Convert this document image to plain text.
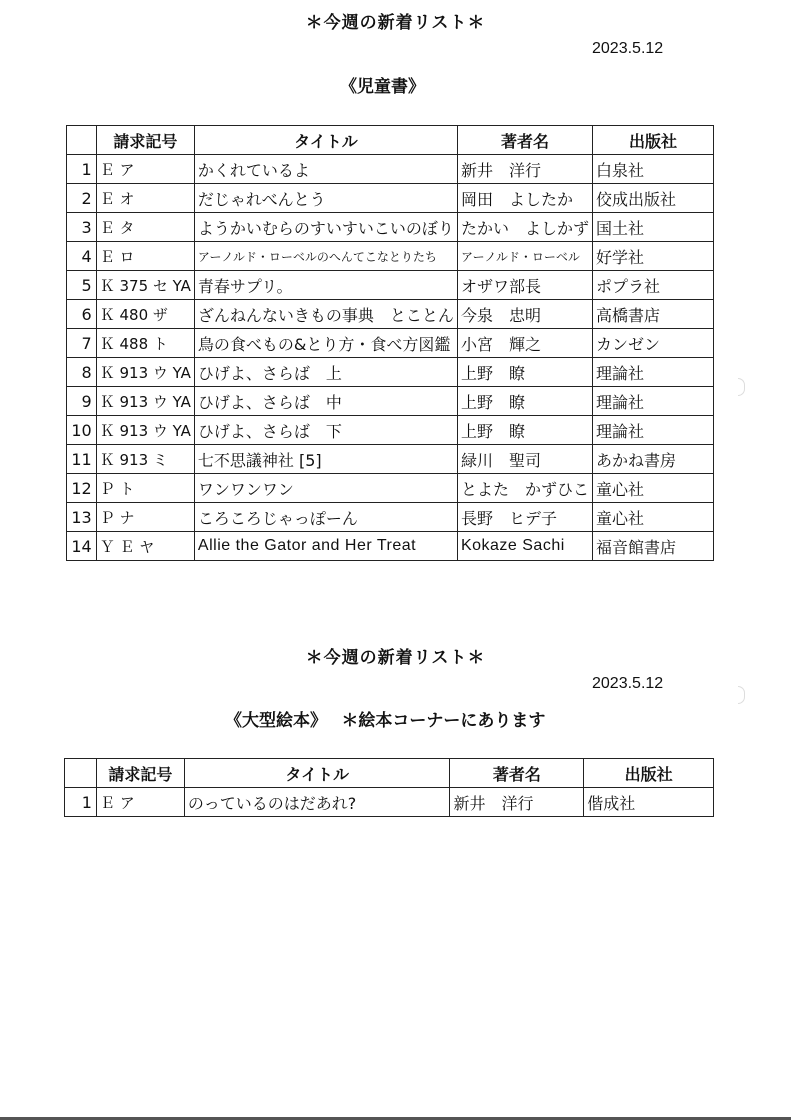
＊今週の新着リスト＊
2023.5.12
《児童書》
	請求記号	タイトル	著者名	出版社
1	Ｅ ア	かくれているよ	新井　洋行	白泉社
2	Ｅ オ	だじゃれべんとう	岡田　よしたか	佼成出版社
3	Ｅ タ	ようかいむらのすいすいこいのぼり	たかい　よしかず	国土社
4	Ｅ ロ	アーノルド・ローベルのへんてこなとりたち	アーノルド・ローベル	好学社
5	Ｋ 375 セ YA	青春サプリ。	オザワ部長	ポプラ社
6	Ｋ 480 ザ	ざんねんないきもの事典　とことん	今泉　忠明	高橋書店
7	Ｋ 488 ト	鳥の食べもの&とり方・食べ方図鑑	小宮　輝之	カンゼン
8	Ｋ 913 ウ YA	ひげよ、さらば　上	上野　瞭	理論社
9	Ｋ 913 ウ YA	ひげよ、さらば　中	上野　瞭	理論社
10	Ｋ 913 ウ YA	ひげよ、さらば　下	上野　瞭	理論社
11	Ｋ 913 ミ	七不思議神社 [5]	緑川　聖司	あかね書房
12	Ｐ ト	ワンワンワン	とよた　かずひこ	童心社
13	Ｐ ナ	ころころじゃっぽーん	長野　ヒデ子	童心社
14	Ｙ Ｅ ヤ	Allie the Gator and Her Treat	Kokaze Sachi	福音館書店
＊今週の新着リスト＊
2023.5.12
《大型絵本》　 ＊絵本コーナーにあります
	請求記号	タイトル	著者名	出版社
1	Ｅ ア	のっているのはだあれ?	新井　洋行	偕成社
